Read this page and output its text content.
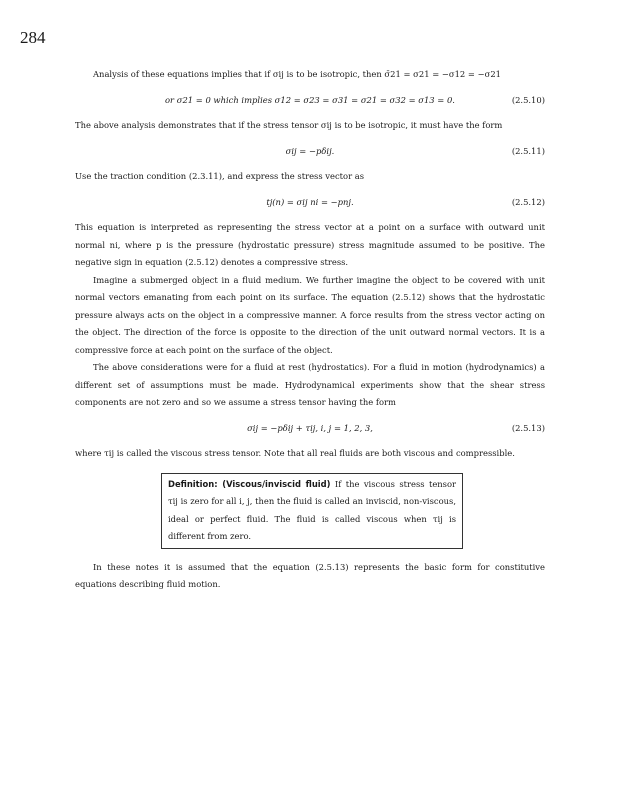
284

Analysis of these equations implies that if σij is to be isotropic, then σ̄21 = σ21 = −σ12 = −σ21

or σ21 = 0 which implies σ12 = σ23 = σ31 = σ21 = σ32 = σ13 = 0.	(2.5.10)

The above analysis demonstrates that if the stress tensor σij is to be isotropic, it must have the form

σij = −pδij.	(2.5.11)

Use the traction condition (2.3.11), and express the stress vector as

tj(n) = σij ni = −pnj.	(2.5.12)

This equation is interpreted as representing the stress vector at a point on a surface with outward unit normal ni, where p is the pressure (hydrostatic pressure) stress magnitude assumed to be positive. The negative sign in equation (2.5.12) denotes a compressive stress.

Imagine a submerged object in a fluid medium. We further imagine the object to be covered with unit normal vectors emanating from each point on its surface. The equation (2.5.12) shows that the hydrostatic pressure always acts on the object in a compressive manner. A force results from the stress vector acting on the object. The direction of the force is opposite to the direction of the unit outward normal vectors. It is a compressive force at each point on the surface of the object.

The above considerations were for a fluid at rest (hydrostatics). For a fluid in motion (hydrodynamics) a different set of assumptions must be made. Hydrodynamical experiments show that the shear stress components are not zero and so we assume a stress tensor having the form

σij = −pδij + τij, i, j = 1, 2, 3,	(2.5.13)

where τij is called the viscous stress tensor. Note that all real fluids are both viscous and compressible.

Definition: (Viscous/inviscid fluid) If the viscous stress tensor τij is zero for all i, j, then the fluid is called an inviscid, non-viscous, ideal or perfect fluid. The fluid is called viscous when τij is different from zero.

In these notes it is assumed that the equation (2.5.13) represents the basic form for constitutive equations describing fluid motion.
